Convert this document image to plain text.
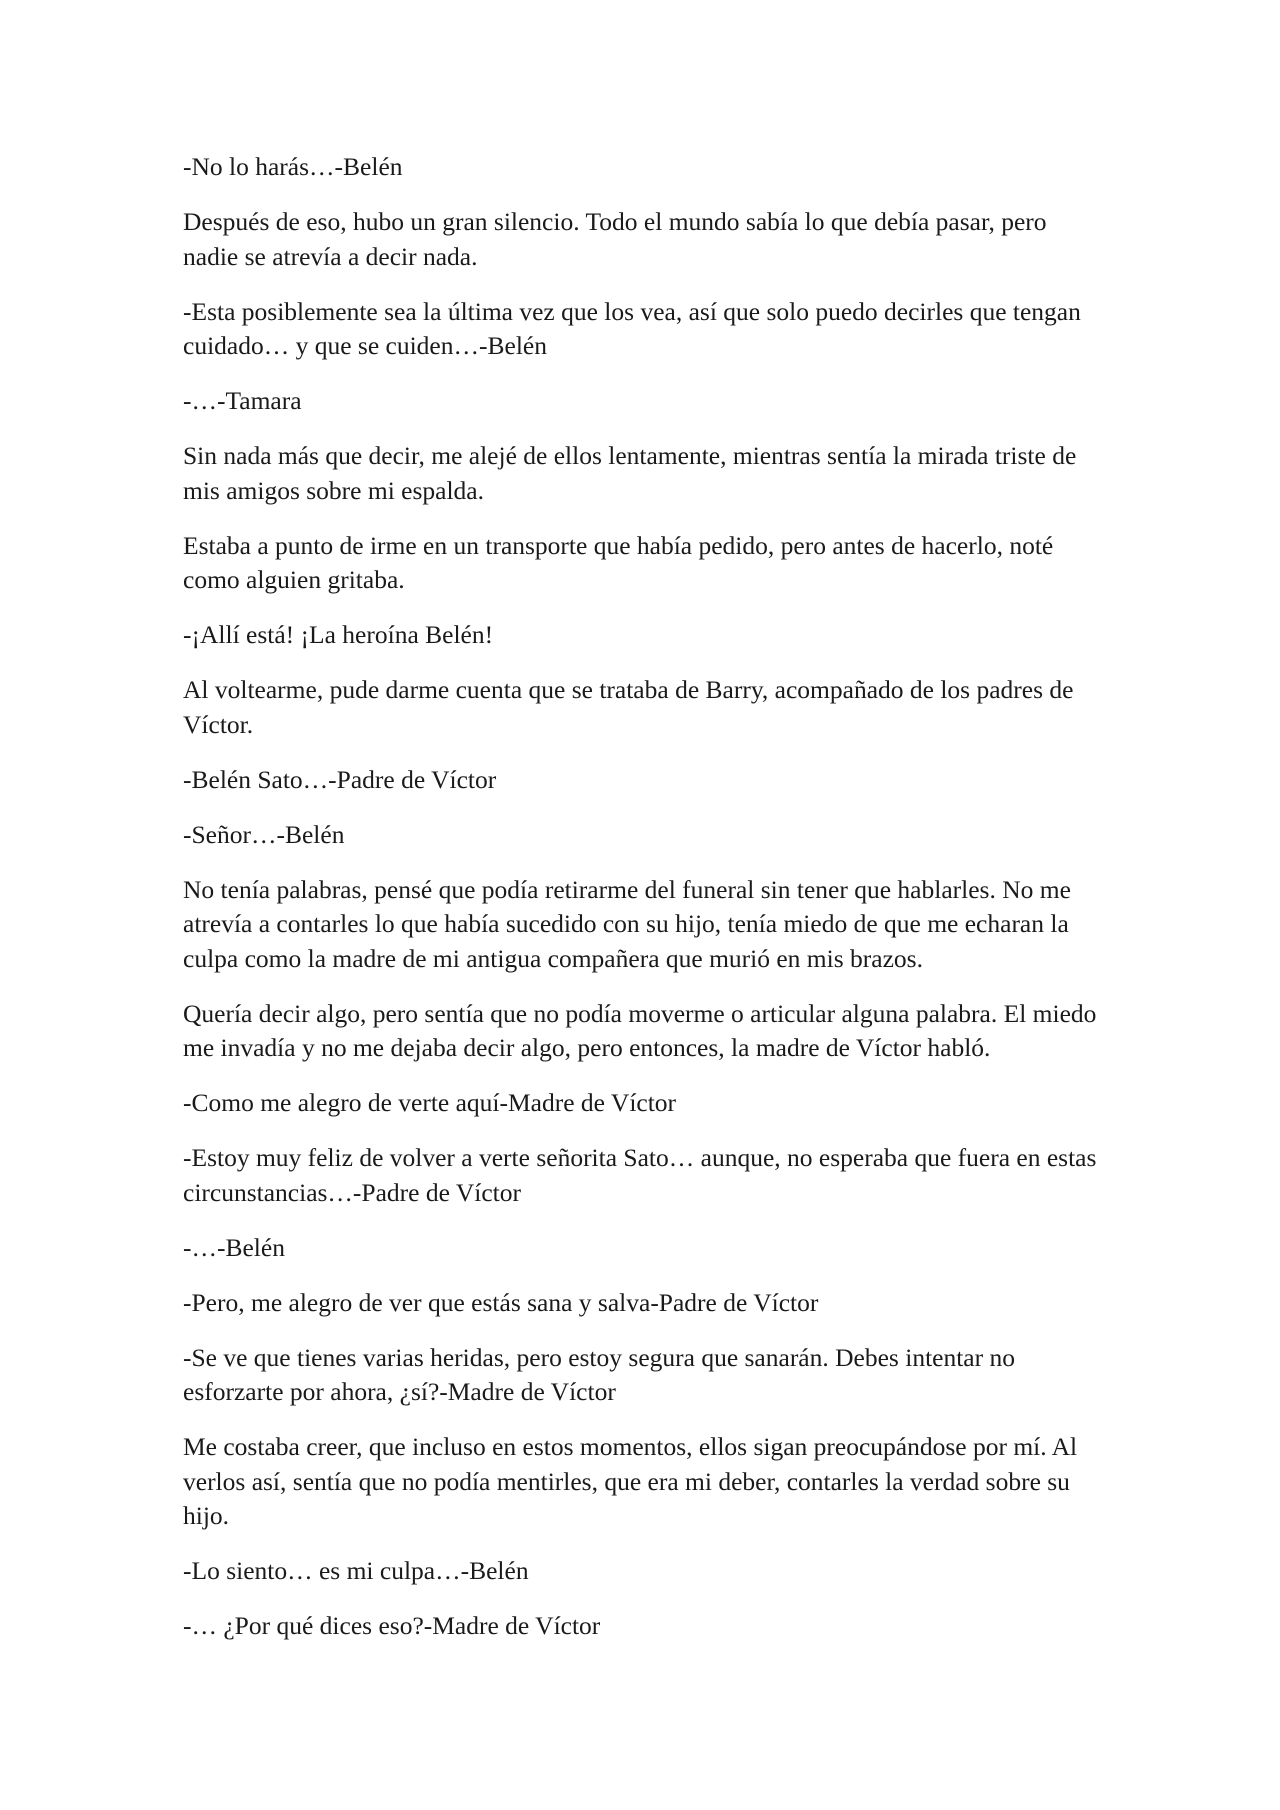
-No lo harás…-Belén

Después de eso, hubo un gran silencio. Todo el mundo sabía lo que debía pasar, pero nadie se atrevía a decir nada.

-Esta posiblemente sea la última vez que los vea, así que solo puedo decirles que tengan cuidado… y que se cuiden…-Belén

-…-Tamara

Sin nada más que decir, me alejé de ellos lentamente, mientras sentía la mirada triste de mis amigos sobre mi espalda.

Estaba a punto de irme en un transporte que había pedido, pero antes de hacerlo, noté como alguien gritaba.

-¡Allí está! ¡La heroína Belén!

Al voltearme, pude darme cuenta que se trataba de Barry, acompañado de los padres de Víctor.

-Belén Sato…-Padre de Víctor

-Señor…-Belén

No tenía palabras, pensé que podía retirarme del funeral sin tener que hablarles. No me atrevía a contarles lo que había sucedido con su hijo, tenía miedo de que me echaran la culpa como la madre de mi antigua compañera que murió en mis brazos.

Quería decir algo, pero sentía que no podía moverme o articular alguna palabra. El miedo me invadía y no me dejaba decir algo, pero entonces, la madre de Víctor habló.

-Como me alegro de verte aquí-Madre de Víctor

-Estoy muy feliz de volver a verte señorita Sato… aunque, no esperaba que fuera en estas circunstancias…-Padre de Víctor

-…-Belén

-Pero, me alegro de ver que estás sana y salva-Padre de Víctor

-Se ve que tienes varias heridas, pero estoy segura que sanarán. Debes intentar no esforzarte por ahora, ¿sí?-Madre de Víctor

Me costaba creer, que incluso en estos momentos, ellos sigan preocupándose por mí. Al verlos así, sentía que no podía mentirles, que era mi deber, contarles la verdad sobre su hijo.

-Lo siento… es mi culpa…-Belén

-… ¿Por qué dices eso?-Madre de Víctor
